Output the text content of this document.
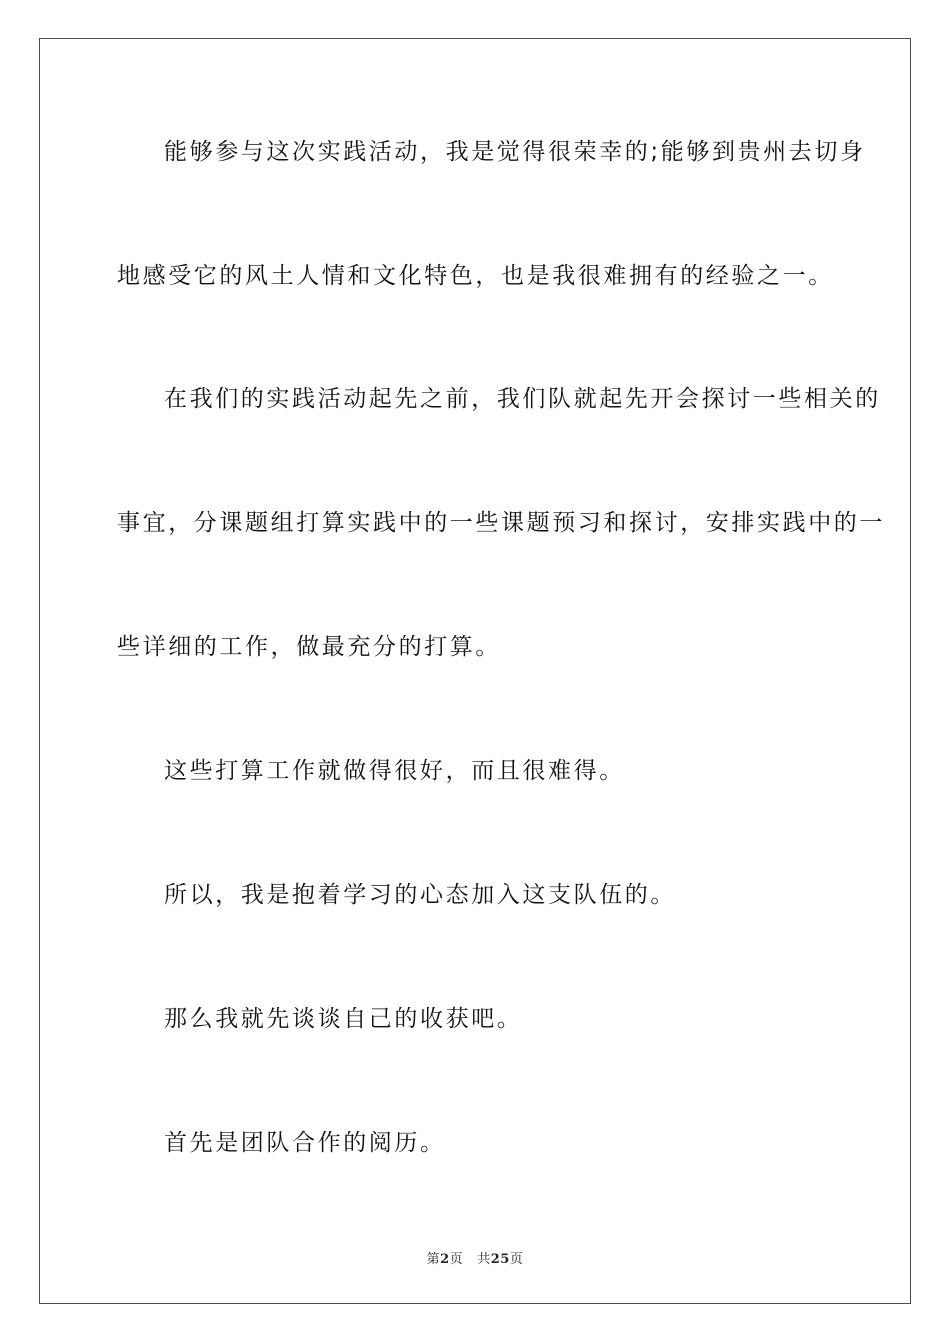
能够参与这次实践活动，我是觉得很荣幸的;能够到贵州去切身
地感受它的风土人情和文化特色，也是我很难拥有的经验之一。
在我们的实践活动起先之前，我们队就起先开会探讨一些相关的
事宜，分课题组打算实践中的一些课题预习和探讨，安排实践中的一
些详细的工作，做最充分的打算。
这些打算工作就做得很好，而且很难得。
所以，我是抱着学习的心态加入这支队伍的。
那么我就先谈谈自己的收获吧。
首先是团队合作的阅历。
第2页 共25页
